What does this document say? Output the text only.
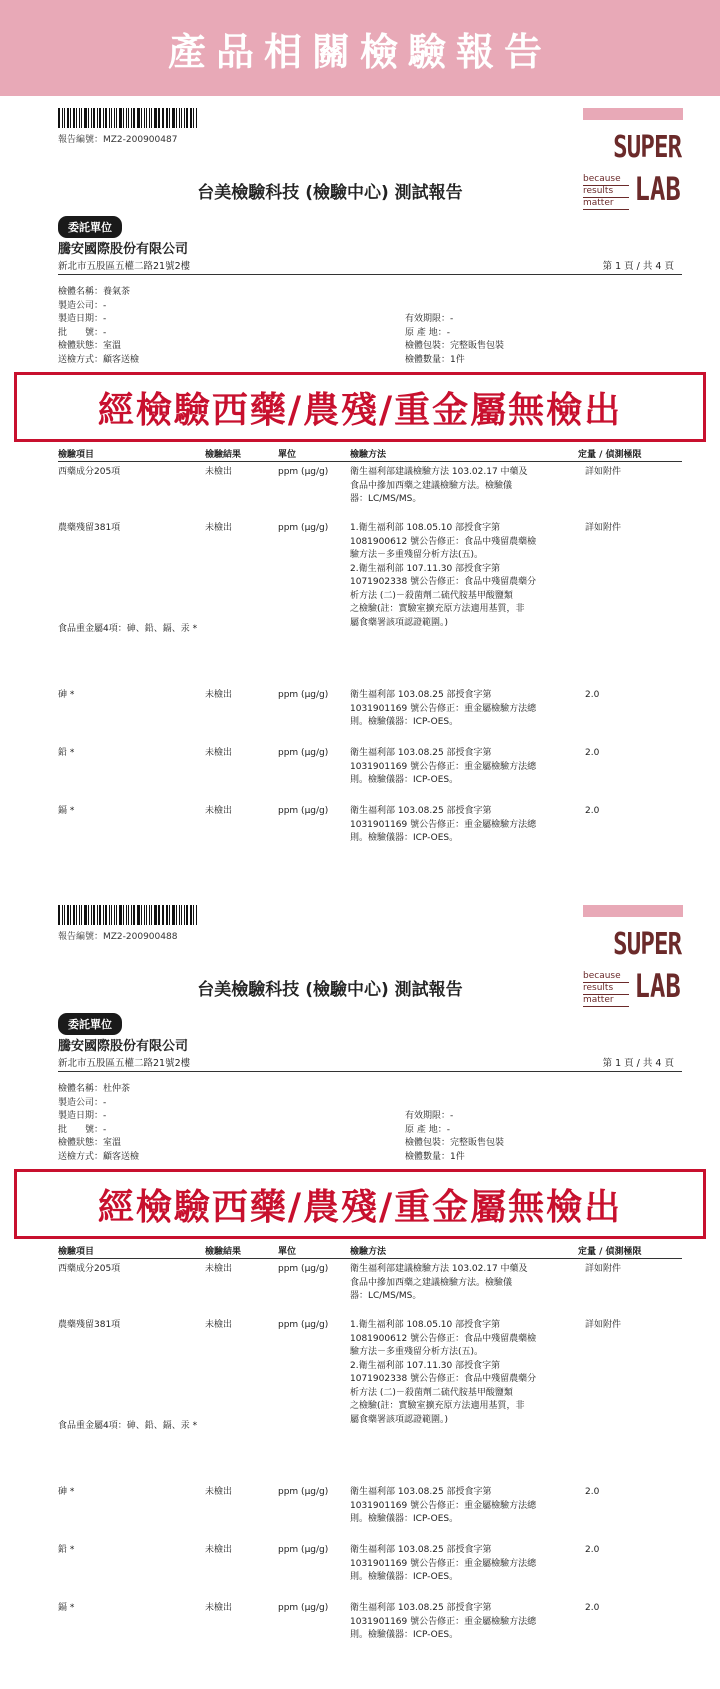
產品相關檢驗報告
報告編號：MZ2-200900487	SUPER
LAB
because
results
matter
台美檢驗科技 (檢驗中心) 測試報告
委託單位
騰安國際股份有限公司
新北市五股區五權二路21號2樓	第 1 頁 / 共 4 頁
檢體名稱：養氣茶
製造公司：-
製造日期：-
批　　號：-
檢體狀態：室溫
送檢方式：顧客送檢
有效期限：-
原 產 地：-
檢體包裝：完整販售包裝
檢體數量：1件
經檢驗西藥/農殘/重金屬無檢出
檢驗項目	檢驗結果	單位	檢驗方法	定量 / 偵測極限
西藥成分205項	未檢出	ppm (μg/g) 衛生福利部建議檢驗方法 103.02.17 中藥及
食品中摻加西藥之建議檢驗方法。檢驗儀
器：LC/MS/MS。
詳如附件
農藥殘留381項	未檢出	ppm (μg/g) 1.衛生福利部 108.05.10 部授食字第
1081900612 號公告修正：食品中殘留農藥檢
驗方法－多重殘留分析方法(五)。
2.衛生福利部 107.11.30 部授食字第
1071902338 號公告修正：食品中殘留農藥分
析方法 (二)－殺菌劑二硫代胺基甲酸鹽類
之檢驗(註：實驗室擴充原方法適用基質，非
屬食藥署該項認證範圍。)
詳如附件
食品重金屬4項：砷、鉛、鎘、汞 *
砷 *	未檢出	ppm (μg/g) 衛生福利部 103.08.25 部授食字第
1031901169 號公告修正：重金屬檢驗方法總
則。檢驗儀器：ICP-OES。
2.0
鉛 *	未檢出	ppm (μg/g) 衛生福利部 103.08.25 部授食字第
1031901169 號公告修正：重金屬檢驗方法總
則。檢驗儀器：ICP-OES。
2.0
鎘 *	未檢出	ppm (μg/g) 衛生福利部 103.08.25 部授食字第
1031901169 號公告修正：重金屬檢驗方法總
則。檢驗儀器：ICP-OES。
2.0
報告編號：MZ2-200900488	SUPER
LAB
because
results
matter
台美檢驗科技 (檢驗中心) 測試報告
委託單位
騰安國際股份有限公司
新北市五股區五權二路21號2樓	第 1 頁 / 共 4 頁
檢體名稱：杜仲茶
製造公司：-
製造日期：-
批　　號：-
檢體狀態：室溫
送檢方式：顧客送檢
有效期限：-
原 產 地：-
檢體包裝：完整販售包裝
檢體數量：1件
經檢驗西藥/農殘/重金屬無檢出
檢驗項目	檢驗結果	單位	檢驗方法	定量 / 偵測極限
西藥成分205項	未檢出	ppm (μg/g) 衛生福利部建議檢驗方法 103.02.17 中藥及
食品中摻加西藥之建議檢驗方法。檢驗儀
器：LC/MS/MS。
詳如附件
農藥殘留381項	未檢出	ppm (μg/g) 1.衛生福利部 108.05.10 部授食字第
1081900612 號公告修正：食品中殘留農藥檢
驗方法－多重殘留分析方法(五)。
2.衛生福利部 107.11.30 部授食字第
1071902338 號公告修正：食品中殘留農藥分
析方法 (二)－殺菌劑二硫代胺基甲酸鹽類
之檢驗(註：實驗室擴充原方法適用基質，非
屬食藥署該項認證範圍。)
詳如附件
食品重金屬4項：砷、鉛、鎘、汞 *
砷 *	未檢出	ppm (μg/g) 衛生福利部 103.08.25 部授食字第
1031901169 號公告修正：重金屬檢驗方法總
則。檢驗儀器：ICP-OES。
2.0
鉛 *	未檢出	ppm (μg/g) 衛生福利部 103.08.25 部授食字第
1031901169 號公告修正：重金屬檢驗方法總
則。檢驗儀器：ICP-OES。
2.0
鎘 *	未檢出	ppm (μg/g) 衛生福利部 103.08.25 部授食字第
1031901169 號公告修正：重金屬檢驗方法總
則。檢驗儀器：ICP-OES。
2.0
